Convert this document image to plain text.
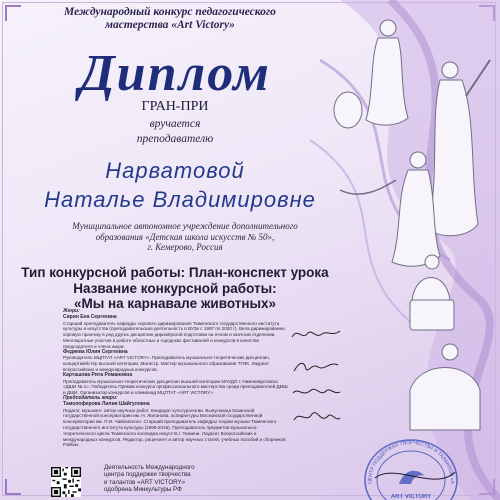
Международный конкурс педагогического
мастерства «Art Victory»
Диплом
ГРАН-ПРИ
вручается
преподавателю
Нарватовой
Наталье Владимировне
Муниципальное автономное учреждение дополнительного
образования «Детская школа искусств № 50»,
г. Кемерово, Россия
Тип конкурсной работы: План-конспект урока
Название конкурсной работы:
«Мы на карнавале животных»
Жюри:
Сирин Ена Сергеевна
Старший преподаватель кафедры хорового дирижирования Тюменского государственного института культуры и искусства (преподавательская деятельность в ВУЗе с 1997 по 2020 г). Вела дирижирование, хоровую практику в ряд других дисциплин дирижёрской подготовки на очном и заочном отделении. Многократные участия в работе областных и городских фестивалей и конкурсов в качестве председателя и члена жюри.
Федяева Юлия Сергеевна
Руководитель МЦПТАТ «ART VICTORY». Преподаватель музыкально-теоретических дисциплин, концертмейстер высшей категории. Магистр. Мастер музыкального образования ТГИК. Лауреат всероссийских и международных конкурсов.
Карташова Рита Романовна
Преподаватель музыкально-теоретических дисциплин высшей категории МАУДО г. Нижневартовска «ДШИ № 1». Победитель Премии конкурса профессионального мастерства среди преподавателей ДМШ и ДШИ. Организатор конкурсов и олимпиад МЦПТАТ «ART VICTORY».
Председатель жюри:
Тамолоферова Лилия Шайгуловна
Педагог, музыкант, автор научных работ. Кандидат культурологии. Выпускница Казанской государственной консерватории им. Н. Жиганова, аспирантуры Московской государственной консерватории им. П.И. Чайковского. Старший преподаватель кафедры теории музыки Тюменского государственного института культуры (1996-2016). Преподаватель предметов музыкально-теоретического цикла Тюменского колледжа искусств г. Тюмени. Лауреат Всероссийских и международных конкурсов. Редактор, рецензент и автор научных статей, учебных пособий и сборников Рэйбах.
Деятельность Международного
центра поддержки творчества
и талантов «ART VICTORY»
одобрена Минкультуры РФ
ЦЕНТР ПОДДЕРЖКИ ТВОРЧЕСТВА И ТАЛАНТОВ «A
ART VICTORY
